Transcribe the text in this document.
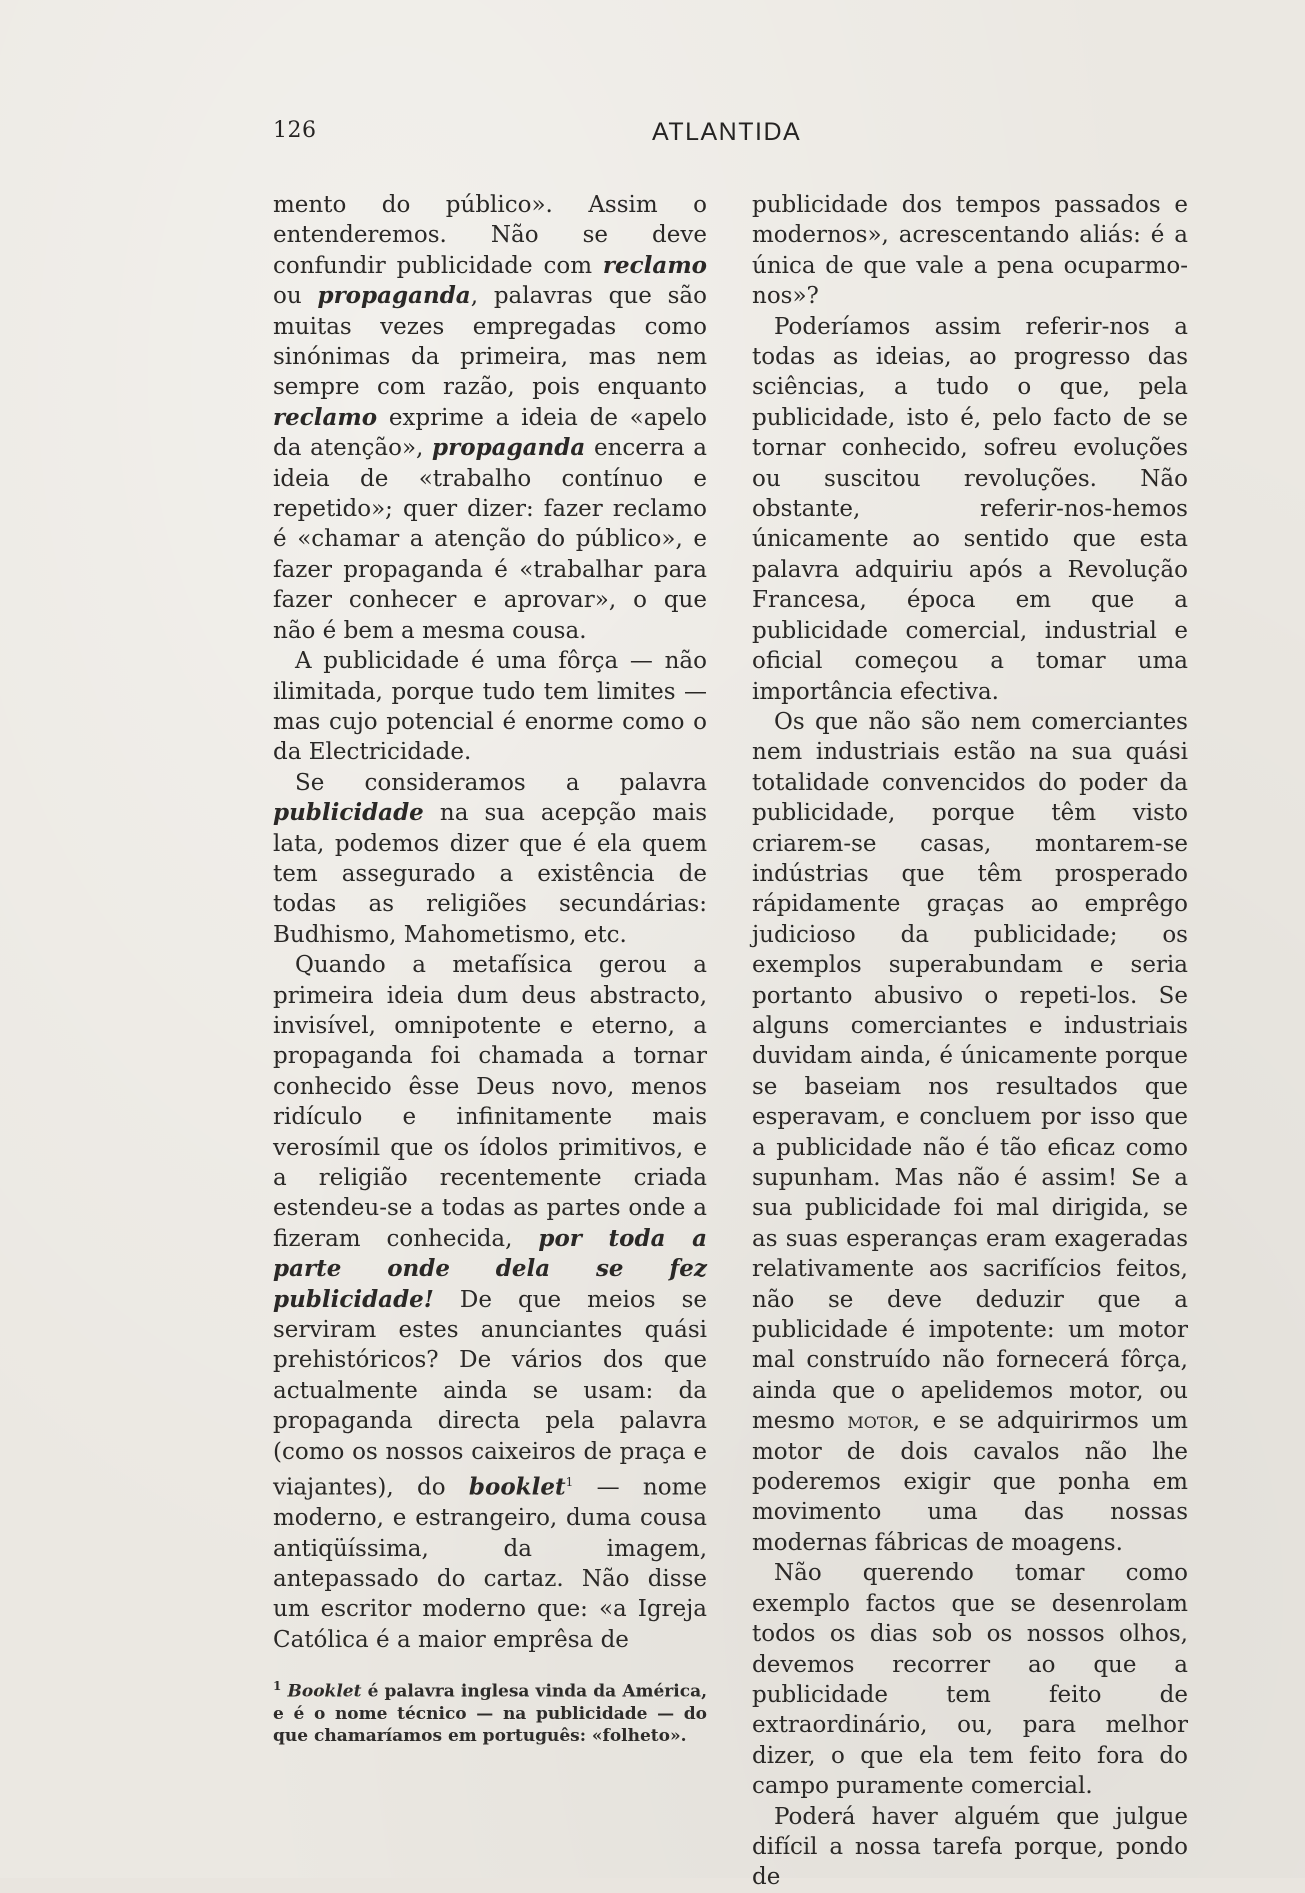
126	ATLANTIDA

mento do público». Assim o entenderemos. Não se deve confundir publicidade com reclamo ou propaganda, palavras que são muitas vezes empregadas como sinónimas da primeira, mas nem sempre com razão, pois enquanto reclamo exprime a ideia de «apelo da atenção», propaganda encerra a ideia de «trabalho contínuo e repetido»; quer dizer: fazer reclamo é «chamar a atenção do público», e fazer propaganda é «trabalhar para fazer conhecer e aprovar», o que não é bem a mesma cousa.

A publicidade é uma fôrça — não ilimitada, porque tudo tem limites — mas cujo potencial é enorme como o da Electricidade.

Se consideramos a palavra publicidade na sua acepção mais lata, podemos dizer que é ela quem tem assegurado a existência de todas as religiões secundárias: Budhismo, Mahometismo, etc.

Quando a metafísica gerou a primeira ideia dum deus abstracto, invisível, omnipotente e eterno, a propaganda foi chamada a tornar conhecido êsse Deus novo, menos ridículo e infinitamente mais verosímil que os ídolos primitivos, e a religião recentemente criada estendeu-se a todas as partes onde a fizeram conhecida, por toda a parte onde dela se fez publicidade! De que meios se serviram estes anunciantes quási prehistóricos? De vários dos que actualmente ainda se usam: da propaganda directa pela palavra (como os nossos caixeiros de praça e viajantes), do booklet$^1$ — nome moderno, e estrangeiro, duma cousa antiqüíssima, da imagem, antepassado do cartaz. Não disse um escritor moderno que: «a Igreja Católica é a maior emprêsa de

$^1$ Booklet é palavra inglesa vinda da América, e é o nome técnico — na publicidade — do que chamaríamos em português: «folheto».

publicidade dos tempos passados e modernos», acrescentando aliás: é a única de que vale a pena ocuparmo-nos»?

Poderíamos assim referir-nos a todas as ideias, ao progresso das sciências, a tudo o que, pela publicidade, isto é, pelo facto de se tornar conhecido, sofreu evoluções ou suscitou revoluções. Não obstante, referir-nos-hemos únicamente ao sentido que esta palavra adquiriu após a Revolução Francesa, época em que a publicidade comercial, industrial e oficial começou a tomar uma importância efectiva.

Os que não são nem comerciantes nem industriais estão na sua quási totalidade convencidos do poder da publicidade, porque têm visto criarem-se casas, montarem-se indústrias que têm prosperado rápidamente graças ao emprêgo judicioso da publicidade; os exemplos superabundam e seria portanto abusivo o repeti-los. Se alguns comerciantes e industriais duvidam ainda, é únicamente porque se baseiam nos resultados que esperavam, e concluem por isso que a publicidade não é tão eficaz como supunham. Mas não é assim! Se a sua publicidade foi mal dirigida, se as suas esperanças eram exageradas relativamente aos sacrifícios feitos, não se deve deduzir que a publicidade é impotente: um motor mal construído não fornecerá fôrça, ainda que o apelidemos motor, ou mesmo motor, e se adquirirmos um motor de dois cavalos não lhe poderemos exigir que ponha em movimento uma das nossas modernas fábricas de moagens.

Não querendo tomar como exemplo factos que se desenrolam todos os dias sob os nossos olhos, devemos recorrer ao que a publicidade tem feito de extraordinário, ou, para melhor dizer, o que ela tem feito fora do campo puramente comercial.

Poderá haver alguém que julgue difícil a nossa tarefa porque, pondo de
